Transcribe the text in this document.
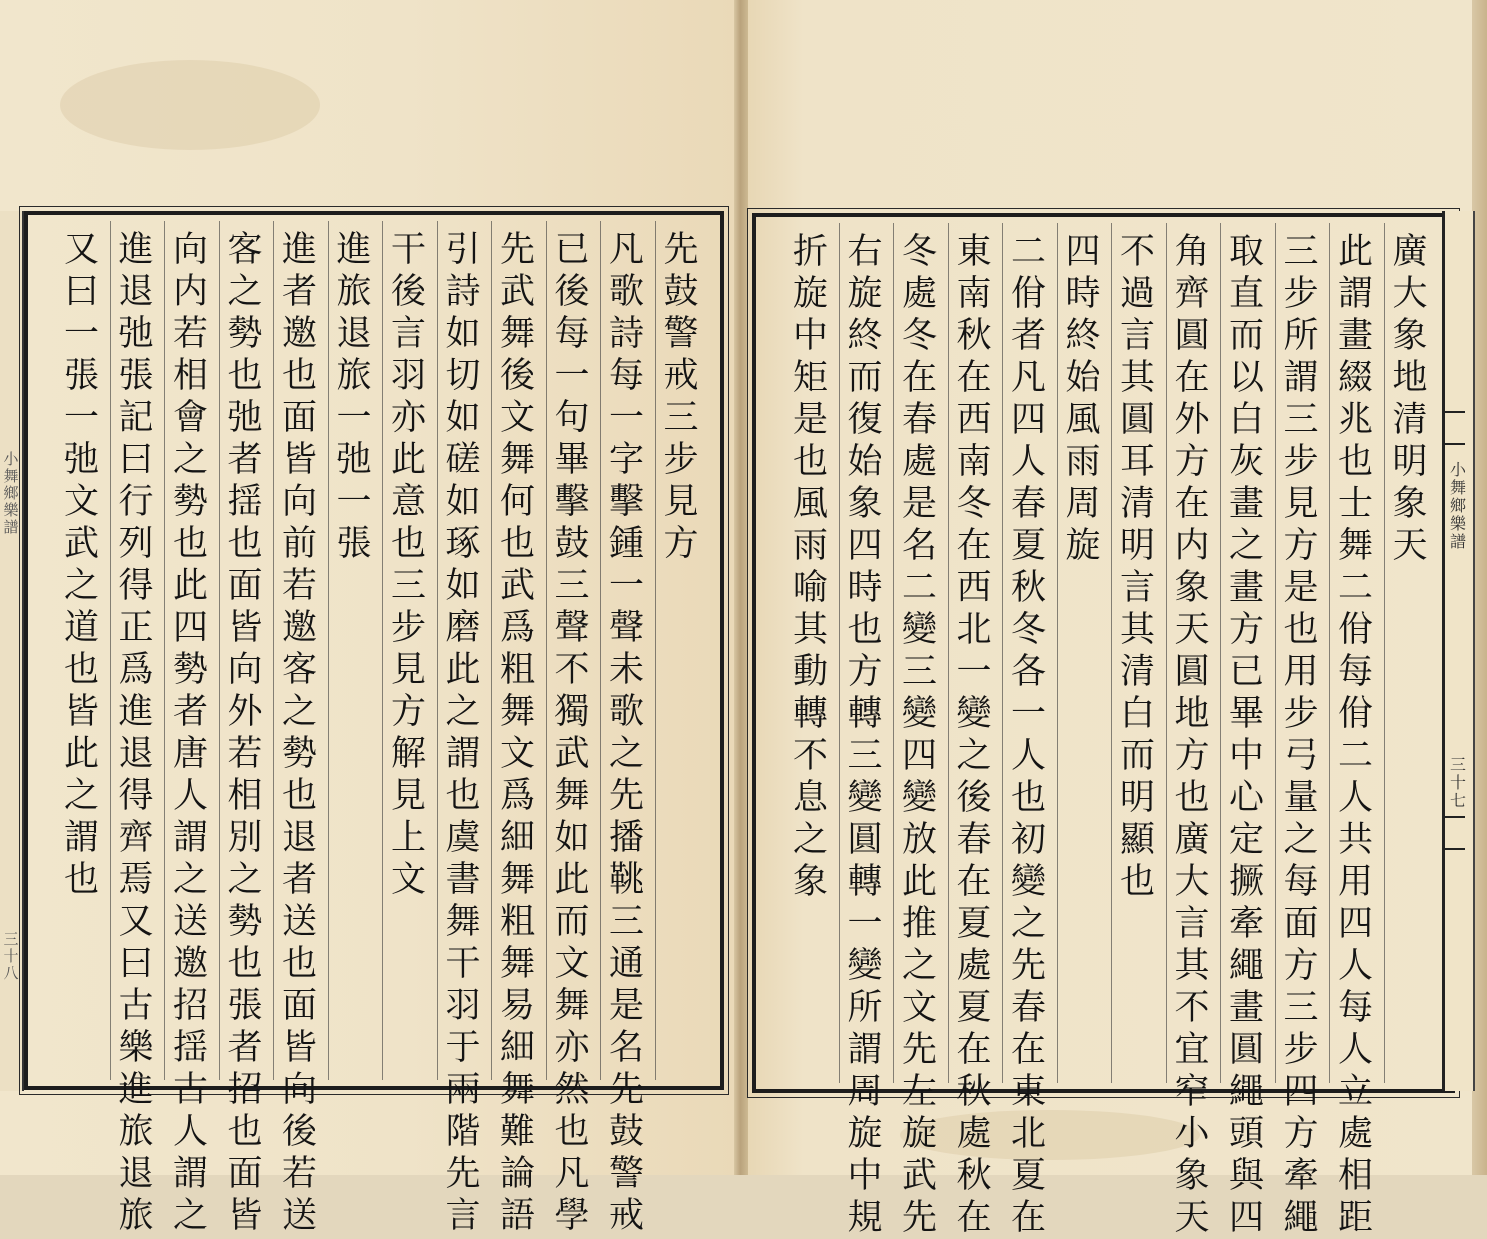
小
舞
鄉
樂
譜
三
十
八
先鼓警戒三步見方
凡歌詩每一字擊鍾一聲未歌之先播鞉三通是名先鼓警戒
已後每一句畢擊鼓三聲不獨武舞如此而文舞亦然也凡學
先武舞後文舞何也武爲粗舞文爲細舞粗舞易細舞難論語
引詩如切如磋如琢如磨此之謂也虞書舞干羽于兩階先言
干後言羽亦此意也三步見方解見上文
進旅退旅一弛一張
進者邀也面皆向前若邀客之勢也退者送也面皆向後若送
客之勢也弛者揺也面皆向外若相別之勢也張者招也面皆
向内若相會之勢也此四勢者唐人謂之送邀招揺古人謂之
進退弛張記曰行列得正爲進退得齊焉又曰古樂進旅退旅
又曰一張一弛文武之道也皆此之謂也
廣大象地清明象天
此謂畫綴兆也士舞二佾每佾二人共用四人每人立處相距
三步所謂三步見方是也用步弓量之每面方三步四方牽繩
取直而以白灰畫之畫方已畢中心定撅牽繩畫圓繩頭與四
角齊圓在外方在内象天圓地方也廣大言其不宜窄小象天
不過言其圓耳清明言其清白而明顯也
四時終始風雨周旋
二佾者凡四人春夏秋冬各一人也初變之先春在東北夏在
東南秋在西南冬在西北一變之後春在夏處夏在秋處秋在
冬處冬在春處是名二變三變四變放此推之文先左旋武先
右旋終而復始象四時也方轉三變圓轉一變所謂周旋中規
折旋中矩是也風雨喻其動轉不息之象
小
舞
鄉
樂
譜
三
十
七
